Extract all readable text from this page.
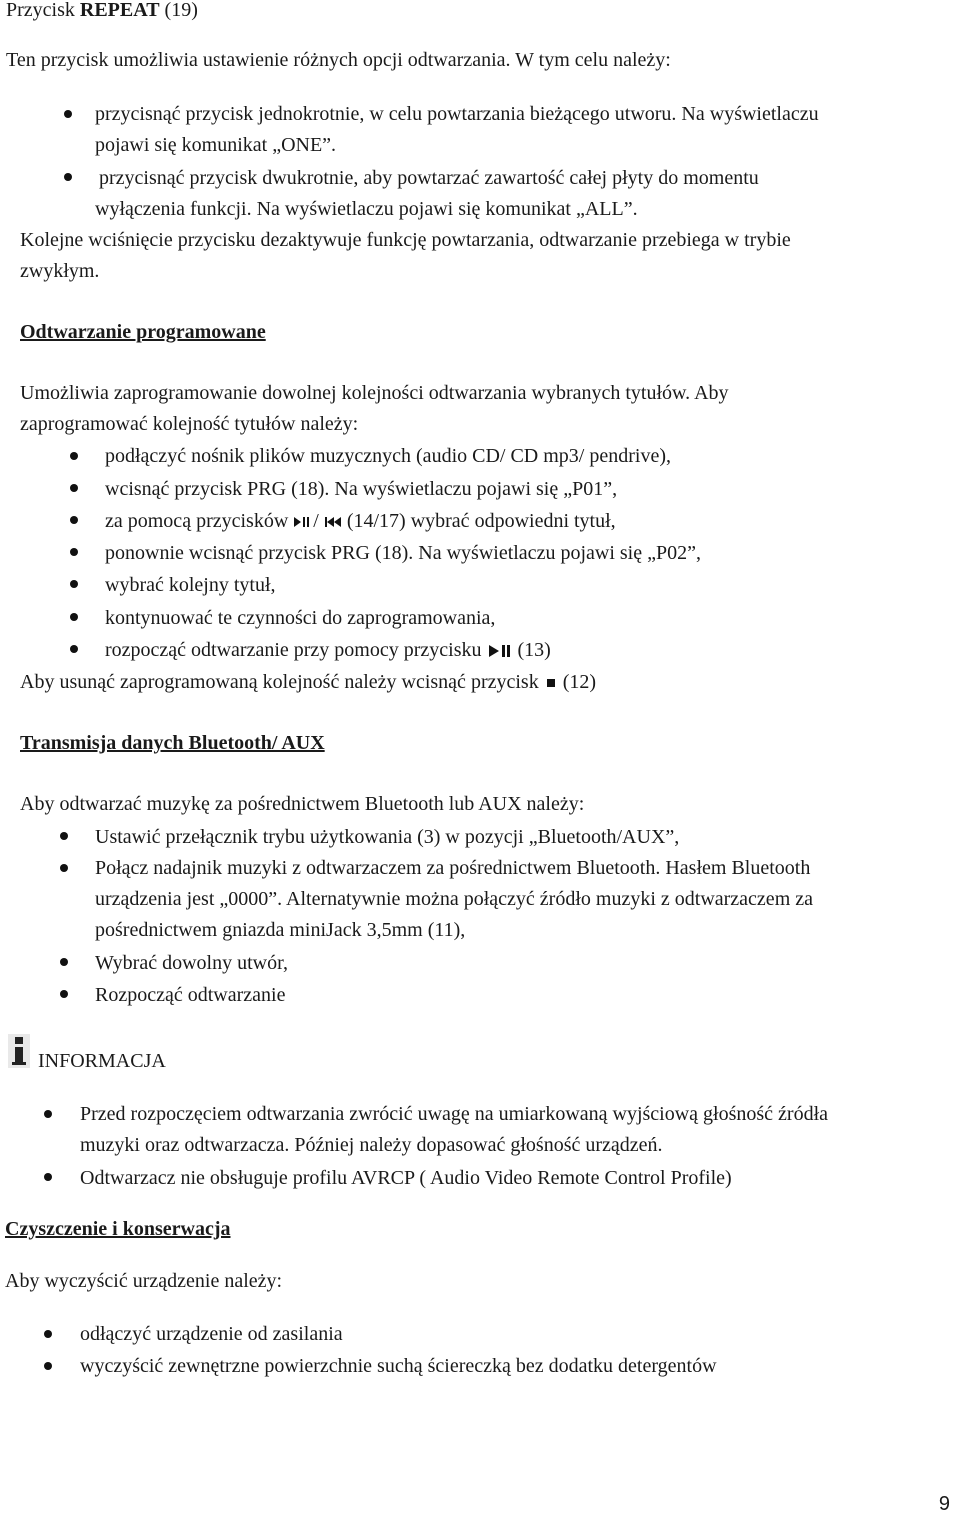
Przycisk REPEAT (19)
Ten przycisk umożliwia ustawienie różnych opcji odtwarzania. W tym celu należy:
przycisnąć przycisk jednokrotnie, w celu powtarzania bieżącego utworu. Na wyświetlaczu
pojawi się komunikat „ONE”.
przycisnąć przycisk dwukrotnie, aby powtarzać zawartość całej płyty do momentu
wyłączenia funkcji. Na wyświetlaczu pojawi się komunikat „ALL”.
Kolejne wciśnięcie przycisku dezaktywuje funkcję powtarzania, odtwarzanie przebiega w trybie
zwykłym.
Odtwarzanie programowane
Umożliwia zaprogramowanie dowolnej kolejności odtwarzania wybranych tytułów. Aby
zaprogramować kolejność tytułów należy:
podłączyć nośnik plików muzycznych (audio CD/ CD mp3/ pendrive),
wcisnąć przycisk PRG (18). Na wyświetlaczu pojawi się „P01”,
za pomocą przycisków / (14/17) wybrać odpowiedni tytuł,
ponownie wcisnąć przycisk PRG (18). Na wyświetlaczu pojawi się „P02”,
wybrać kolejny tytuł,
kontynuować te czynności do zaprogramowania,
rozpocząć odtwarzanie przy pomocy przycisku (13)
Aby usunąć zaprogramowaną kolejność należy wcisnąć przycisk (12)
Transmisja danych Bluetooth/ AUX
Aby odtwarzać muzykę za pośrednictwem Bluetooth lub AUX należy:
Ustawić przełącznik trybu użytkowania (3) w pozycji „Bluetooth/AUX”,
Połącz nadajnik muzyki z odtwarzaczem za pośrednictwem Bluetooth. Hasłem Bluetooth
urządzenia jest „0000”. Alternatywnie można połączyć źródło muzyki z odtwarzaczem za
pośrednictwem gniazda miniJack 3,5mm (11),
Wybrać dowolny utwór,
Rozpocząć odtwarzanie
INFORMACJA
Przed rozpoczęciem odtwarzania zwrócić uwagę na umiarkowaną wyjściową głośność źródła
muzyki oraz odtwarzacza. Później należy dopasować głośność urządzeń.
Odtwarzacz nie obsługuje profilu AVRCP ( Audio Video Remote Control Profile)
Czyszczenie i konserwacja
Aby wyczyścić urządzenie należy:
odłączyć urządzenie od zasilania
wyczyścić zewnętrzne powierzchnie suchą ściereczką bez dodatku detergentów
9
